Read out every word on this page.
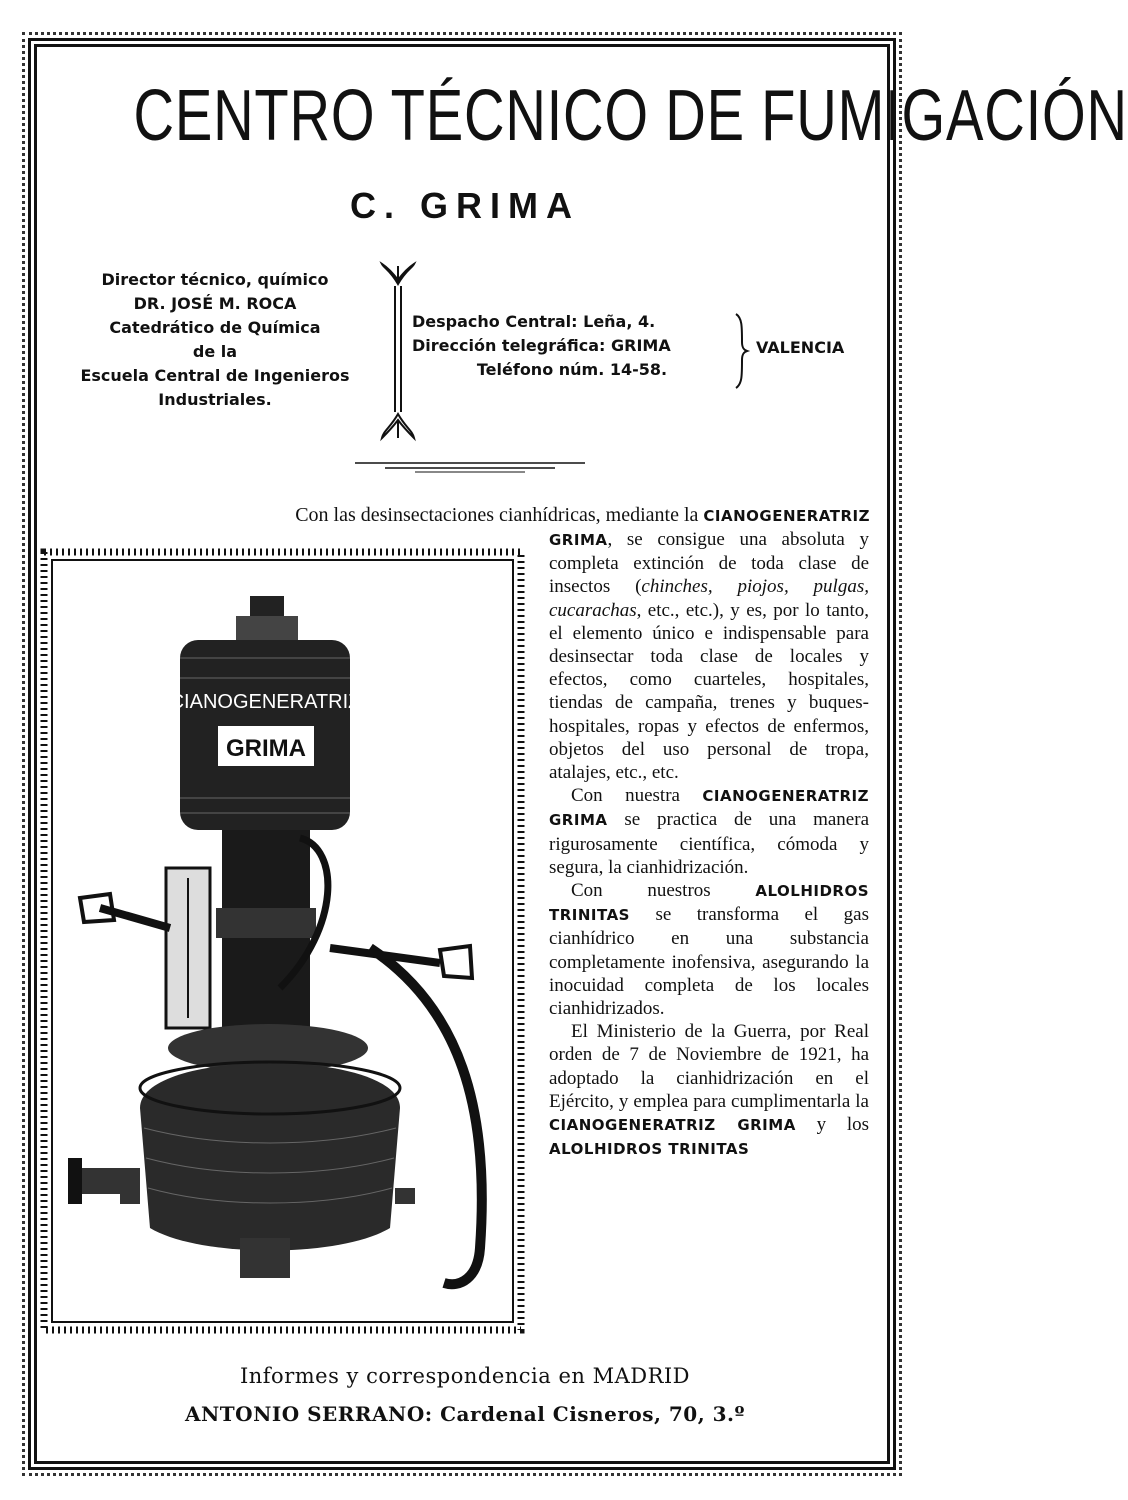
CENTRO TÉCNICO DE FUMIGACIÓN
C. GRIMA
Director técnico, químico
DR. JOSÉ M. ROCA
Catedrático de Química
de la
Escuela Central de Ingenieros
Industriales.
Despacho Central: Leña, 4.
Dirección telegráfica: GRIMA
Teléfono núm. 14-58.
VALENCIA
Con las desinsectaciones cianhídricas, mediante la CIANOGENERATRIZ
CIANOGENERATRIZ
GRIMA

GRIMA, se consigue una absoluta y completa extinción de toda clase de insectos (chinches, piojos, pulgas, cucarachas, etc., etc.), y es, por lo tanto, el elemento único e indispensable para desinsectar toda clase de locales y efectos, como cuarteles, hospitales, tiendas de campaña, trenes y buques-hospitales, ropas y efectos de enfermos, objetos del uso personal de tropa, atalajes, etc., etc.

Con nuestra CIANOGENERATRIZ GRIMA se practica de una manera rigurosamente científica, cómoda y segura, la cianhidrización.

Con nuestros	ALOLHIDROS TRINITAS se transforma el gas cianhídrico en una substancia completamente inofensiva, asegurando la inocuidad completa de los locales cianhidrizados.

El Ministerio de la Guerra, por Real orden de 7 de Noviembre de 1921, ha adoptado la cianhidrización en el Ejército, y emplea para cumplimentarla la CIANOGENERATRIZ GRIMA y los ALOLHIDROS TRINITAS

Informes y correspondencia en MADRID
ANTONIO SERRANO: Cardenal Cisneros, 70, 3.º
